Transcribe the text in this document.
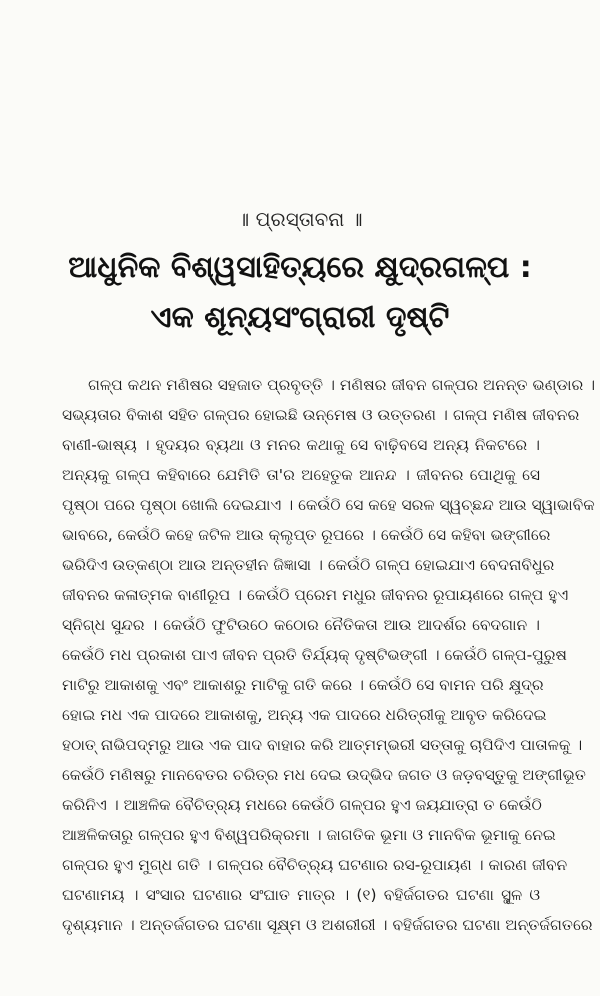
॥ ପ୍ରସ୍ତାବନା ॥
ଆଧୁନିକ ବିଶ୍ୱସାହିତ୍ୟରେ କ୍ଷୁଦ୍ରଗଳ୍ପ :
ଏକ ଶୂନ୍ୟସଂଗ୍ରାରୀ ଦୃଷ୍ଟି
ଗଳ୍ପ କଥନ ମଣିଷର ସହଜାତ ପ୍ରବୃତ୍ତି । ମଣିଷର ଜୀବନ ଗଳ୍ପର ଅନନ୍ତ ଭଣ୍ଡାର ।
ସଭ୍ୟତାର ବିକାଶ ସହିତ ଗଳ୍ପର ହୋଇଛି ଉନ୍ମେଷ ଓ ଉତ୍ତରଣ । ଗଳ୍ପ ମଣିଷ ଜୀବନର
ବାଣୀ-ଭାଷ୍ୟ । ହୃଦୟର ବ୍ୟଥା ଓ ମନର କଥାକୁ ସେ ବାଢ଼ିବସେ ଅନ୍ୟ ନିକଟରେ ।
ଅନ୍ୟକୁ ଗଳ୍ପ କହିବାରେ ଯେମିତି ତା'ର ଅହେତୁକ ଆନନ୍ଦ । ଜୀବନର ପୋଥିକୁ ସେ
ପୃଷ୍ଠା ପରେ ପୃଷ୍ଠା ଖୋଲି ଦେଇଯାଏ । କେଉଁଠି ସେ କହେ ସରଳ ସ୍ୱଚ୍ଛନ୍ଦ ଆଉ ସ୍ୱାଭାବିକ
ଭାବରେ, କେଉଁଠି କହେ ଜଟିଳ ଆଉ କ୍ଲୃପ୍ତ ରୂପରେ । କେଉଁଠି ସେ କହିବା ଭଙ୍ଗୀରେ
ଭରିଦିଏ ଉତ୍କଣ୍ଠା ଆଉ ଅନ୍ତହୀନ ଜିଜ୍ଞାସା । କେଉଁଠି ଗଳ୍ପ ହୋଇଯାଏ ବେଦନାବିଧୁର
ଜୀବନର କଳାତ୍ମକ ବାଣୀରୂପ । କେଉଁଠି ପ୍ରେମ ମଧୁର ଜୀବନର ରୂପାୟଣରେ ଗଳ୍ପ ହୁଏ
ସ୍ନିଗ୍ଧ ସୁନ୍ଦର । କେଉଁଠି ଫୁଟିଉଠେ କଠୋର ନୈତିକତା ଆଉ ଆଦର୍ଶର ବେଦଗାନ ।
କେଉଁଠି ମଧ ପ୍ରକାଶ ପାଏ ଜୀବନ ପ୍ରତି ତିର୍ଯ୍ୟକ୍ ଦୃଷ୍ଟିଭଙ୍ଗୀ । କେଉଁଠି ଗଳ୍ପ-ପୁରୁଷ
ମାଟିରୁ ଆକାଶକୁ ଏବଂ ଆକାଶରୁ ମାଟିକୁ ଗତି କରେ । କେଉଁଠି ସେ ବାମନ ପରି କ୍ଷୁଦ୍ର
ହୋଇ ମଧ ଏକ ପାଦରେ ଆକାଶକୁ, ଅନ୍ୟ ଏକ ପାଦରେ ଧରିତ୍ରୀକୁ ଆବୃତ କରିଦେଇ
ହଠାତ୍ ନାଭିପଦ୍ମରୁ ଆଉ ଏକ ପାଦ ବାହାର କରି ଆତ୍ମମ୍ଭରୀ ସତ୍ତାକୁ ଚାପିଦିଏ ପାତାଳକୁ ।
କେଉଁଠି ମଣିଷରୁ ମାନବେତର ଚରିତ୍ର ମଧ ଦେଇ ଉଦ୍ଭିଦ ଜଗତ ଓ ଜଡ଼ବସ୍ତୁକୁ ଅଙ୍ଗୀଭୂତ
କରିନିଏ । ଆଞ୍ଚଳିକ ବୈଚିତ୍ର୍ୟ ମଧରେ କେଉଁଠି ଗଳ୍ପର ହୁଏ ଜୟଯାତ୍ରା ତ କେଉଁଠି
ଆଞ୍ଚଳିକତାରୁ ଗଳ୍ପର ହୁଏ ବିଶ୍ୱପରିକ୍ରମା । ଜାଗତିକ ଭୂମା ଓ ମାନବିକ ଭୂମାକୁ ନେଇ
ଗଳ୍ପର ହୁଏ ମୁଗ୍ଧ ଗତି । ଗଳ୍ପର ବୈଚିତ୍ର୍ୟ ଘଟଣାର ରସ-ରୂପାୟଣ । କାରଣ ଜୀବନ
ଘଟଣାମୟ । ସଂସାର ଘଟଣାର ସଂଘାତ ମାତ୍ର । (୧) ବହିର୍ଜଗତର ଘଟଣା ସ୍ଥୂଳ ଓ
ଦୃଶ୍ୟମାନ । ଅନ୍ତର୍ଜଗତର ଘଟଣା ସୂକ୍ଷ୍ମ ଓ ଅଶରୀରୀ । ବହିର୍ଜଗତର ଘଟଣା ଅନ୍ତର୍ଜଗତରେ
